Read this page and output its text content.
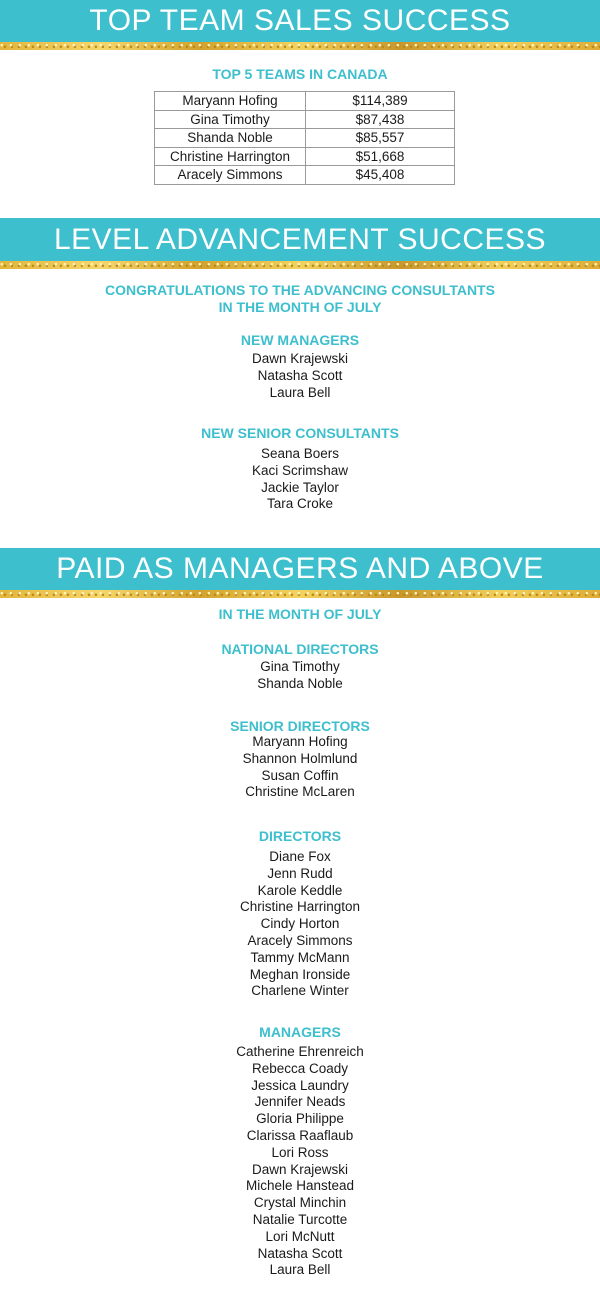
TOP TEAM SALES SUCCESS
TOP 5 TEAMS IN CANADA
Maryann Hofing	$114,389
Gina Timothy	$87,438
Shanda Noble	$85,557
Christine Harrington	$51,668
Aracely Simmons	$45,408
LEVEL ADVANCEMENT SUCCESS
CONGRATULATIONS TO THE ADVANCING CONSULTANTS
IN THE MONTH OF JULY
NEW MANAGERS
Dawn Krajewski
Natasha Scott
Laura Bell
NEW SENIOR CONSULTANTS
Seana Boers
Kaci Scrimshaw
Jackie Taylor
Tara Croke
PAID AS MANAGERS AND ABOVE
IN THE MONTH OF JULY
NATIONAL DIRECTORS
Gina Timothy
Shanda Noble
SENIOR DIRECTORS
Maryann Hofing
Shannon Holmlund
Susan Coffin
Christine McLaren
DIRECTORS
Diane Fox
Jenn Rudd
Karole Keddle
Christine Harrington
Cindy Horton
Aracely Simmons
Tammy McMann
Meghan Ironside
Charlene Winter
MANAGERS
Catherine Ehrenreich
Rebecca Coady
Jessica Laundry
Jennifer Neads
Gloria Philippe
Clarissa Raaflaub
Lori Ross
Dawn Krajewski
Michele Hanstead
Crystal Minchin
Natalie Turcotte
Lori McNutt
Natasha Scott
Laura Bell
